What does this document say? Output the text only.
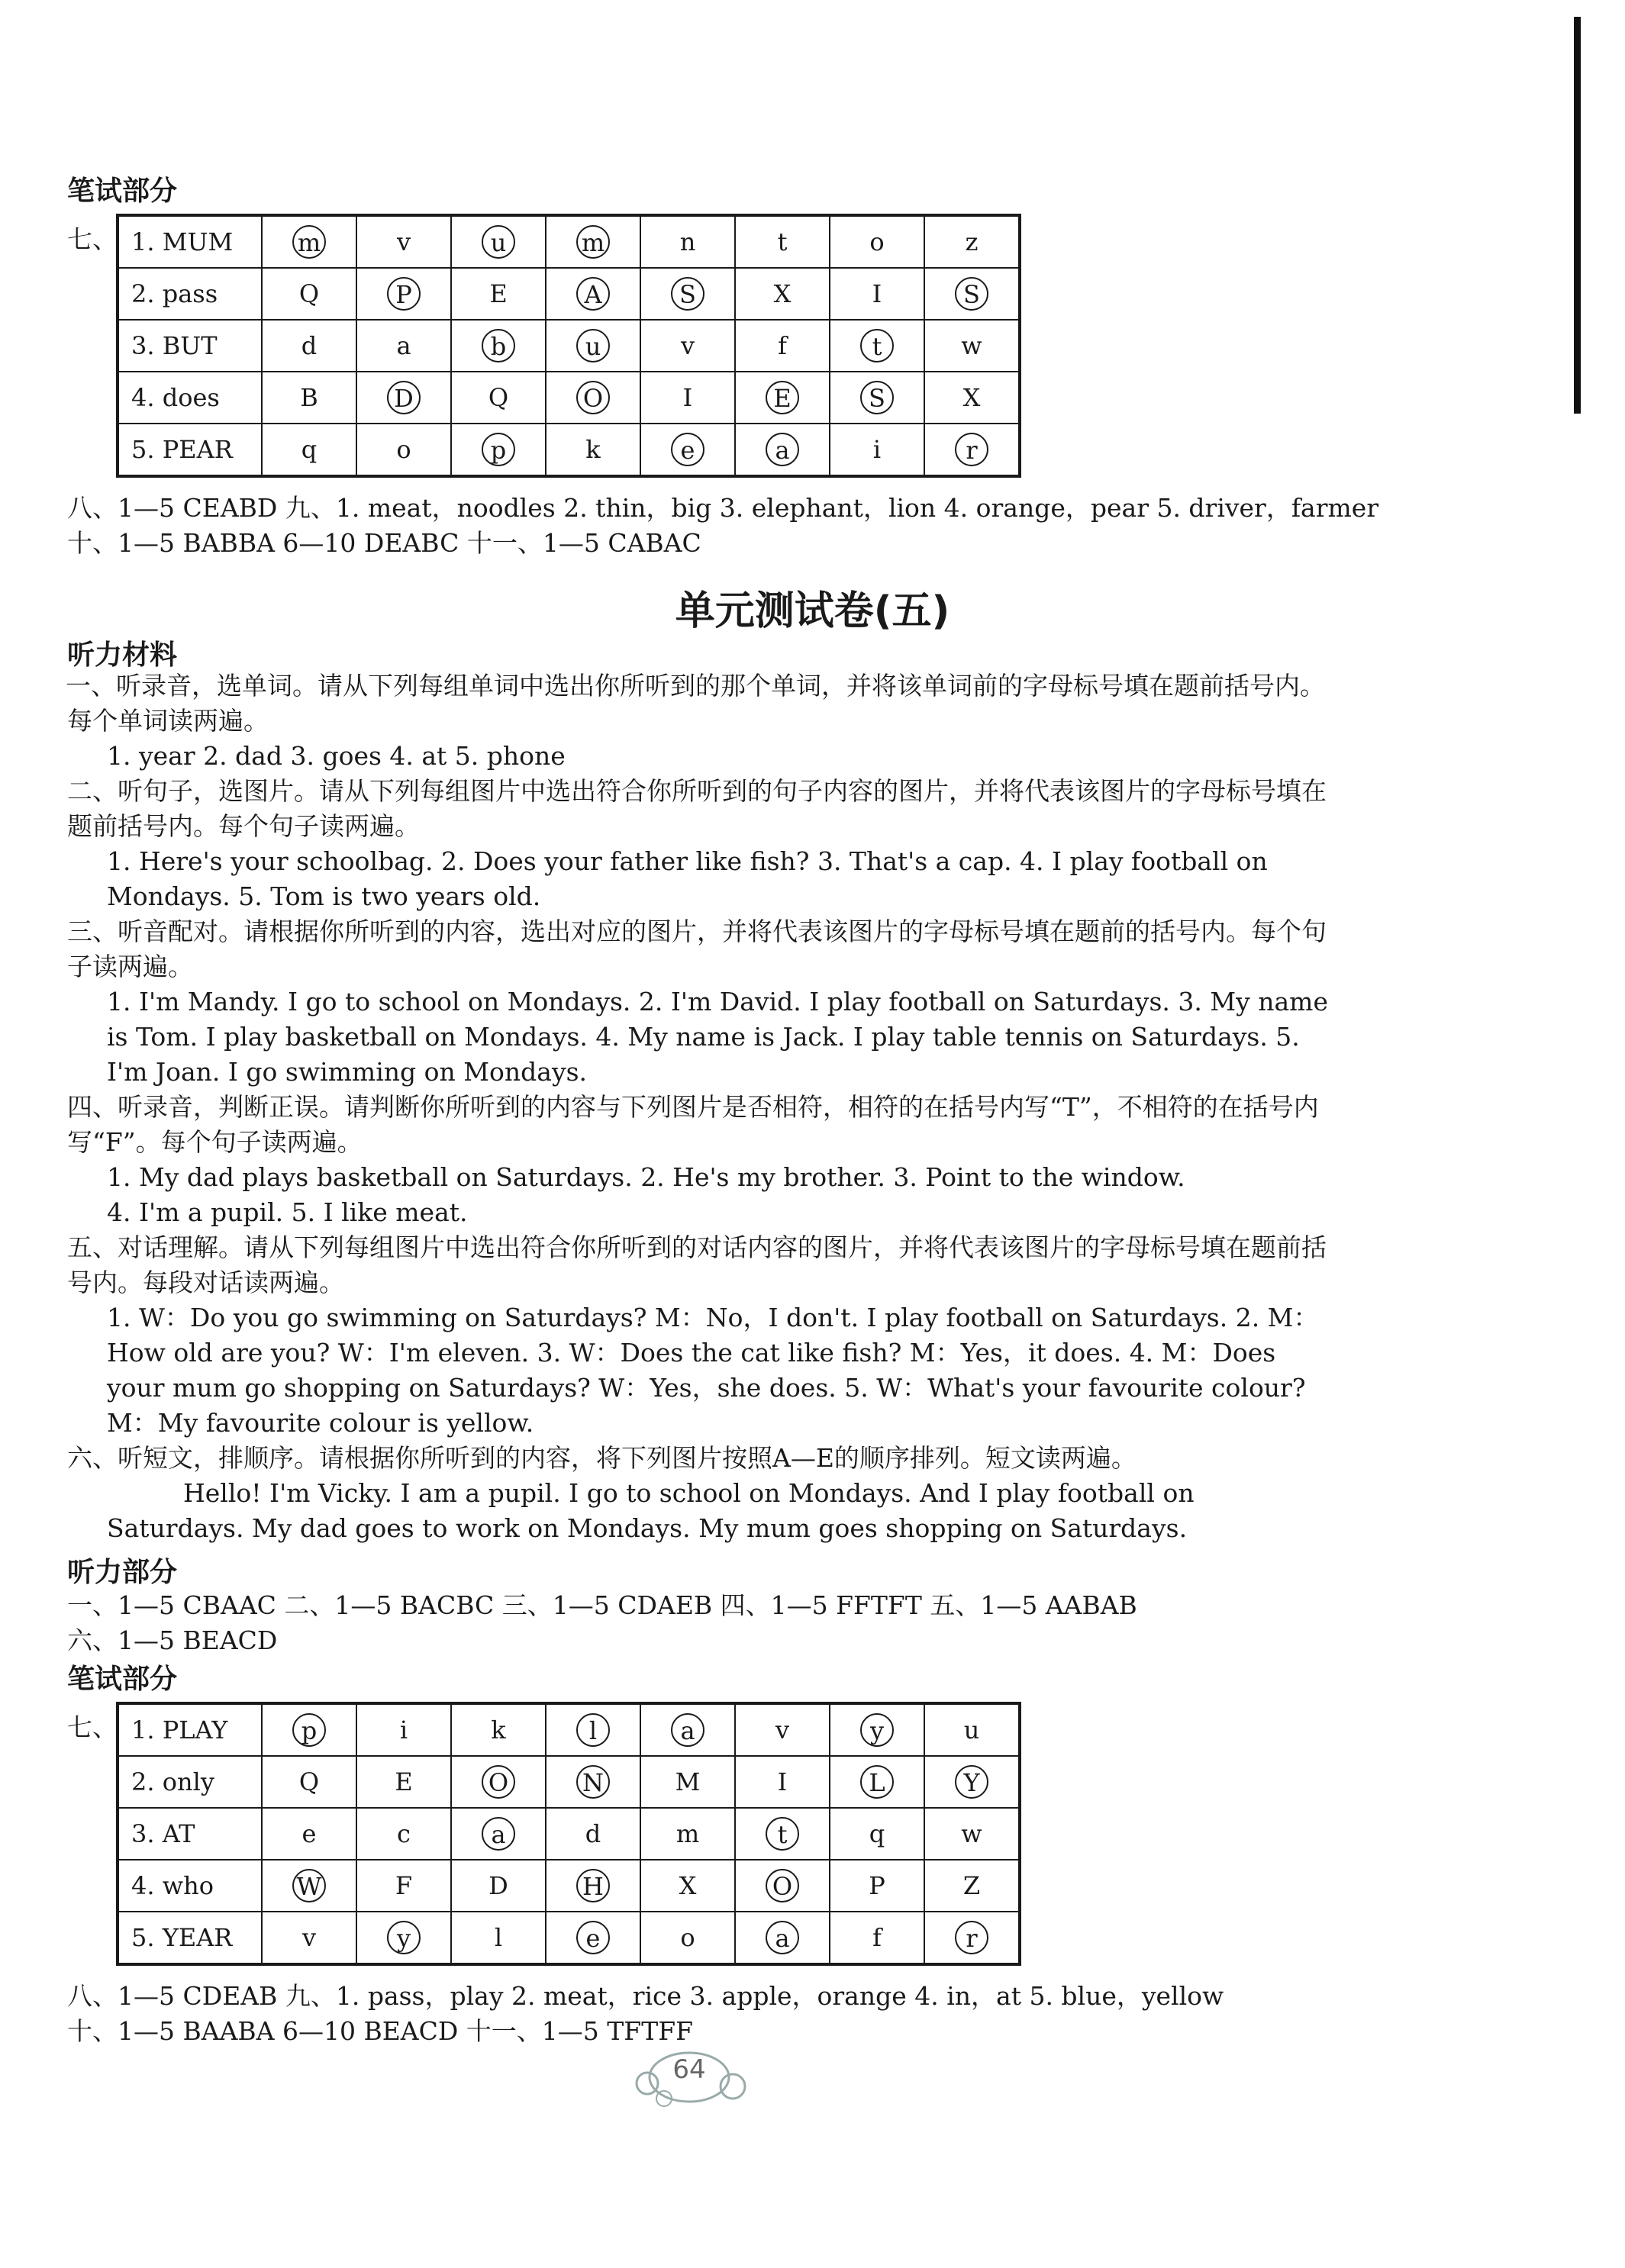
笔试部分
七、 1. MUM	m	v	u	m	n	t	o	z
2. pass	Q	P	E	A	S	X	I	S
3. BUT	d	a	b	u	v	f	t	w
4. does	B	D	Q	O	I	E	S	X
5. PEAR	q	o	p	k	e	a	i	r
八、1—5 CEABD 九、1. meat，noodles 2. thin，big 3. elephant，lion 4. orange，pear 5. driver，farmer
十、1—5 BABBA 6—10 DEABC 十一、1—5 CABAC
单元测试卷(五)
听力材料
一、听录音，选单词。请从下列每组单词中选出你所听到的那个单词，并将该单词前的字母标号填在题前括号内。每个单词读两遍。
1. year 2. dad 3. goes 4. at 5. phone
二、听句子，选图片。请从下列每组图片中选出符合你所听到的句子内容的图片，并将代表该图片的字母标号填在题前括号内。每个句子读两遍。
1. Here's your schoolbag. 2. Does your father like fish? 3. That's a cap. 4. I play football on Mondays. 5. Tom is two years old.
三、听音配对。请根据你所听到的内容，选出对应的图片，并将代表该图片的字母标号填在题前的括号内。每个句子读两遍。
1. I'm Mandy. I go to school on Mondays. 2. I'm David. I play football on Saturdays. 3. My name is Tom. I play basketball on Mondays. 4. My name is Jack. I play table tennis on Saturdays. 5. I'm Joan. I go swimming on Mondays.
四、听录音，判断正误。请判断你所听到的内容与下列图片是否相符，相符的在括号内写“T”，不相符的在括号内写“F”。每个句子读两遍。
1. My dad plays basketball on Saturdays. 2. He's my brother. 3. Point to the window.
4. I'm a pupil. 5. I like meat.
五、对话理解。请从下列每组图片中选出符合你所听到的对话内容的图片，并将代表该图片的字母标号填在题前括号内。每段对话读两遍。
1. W：Do you go swimming on Saturdays? M：No，I don't. I play football on Saturdays. 2. M：How old are you? W：I'm eleven. 3. W：Does the cat like fish? M：Yes，it does. 4. M：Does your mum go shopping on Saturdays? W：Yes，she does. 5. W：What's your favourite colour? M：My favourite colour is yellow.
六、听短文，排顺序。请根据你所听到的内容，将下列图片按照A—E的顺序排列。短文读两遍。
Hello! I'm Vicky. I am a pupil. I go to school on Mondays. And I play football on Saturdays. My dad goes to work on Mondays. My mum goes shopping on Saturdays.
听力部分
一、1—5 CBAAC 二、1—5 BACBC 三、1—5 CDAEB 四、1—5 FFTFT 五、1—5 AABAB
六、1—5 BEACD
笔试部分
七、 1. PLAY	p	i	k	l	a	v	y	u
2. only	Q	E	O	N	M	I	L	Y
3. AT	e	c	a	d	m	t	q	w
4. who	W	F	D	H	X	O	P	Z
5. YEAR	v	y	l	e	o	a	f	r
八、1—5 CDEAB 九、1. pass，play 2. meat，rice 3. apple，orange 4. in，at 5. blue，yellow
十、1—5 BAABA 6—10 BEACD 十一、1—5 TFTFF
64
